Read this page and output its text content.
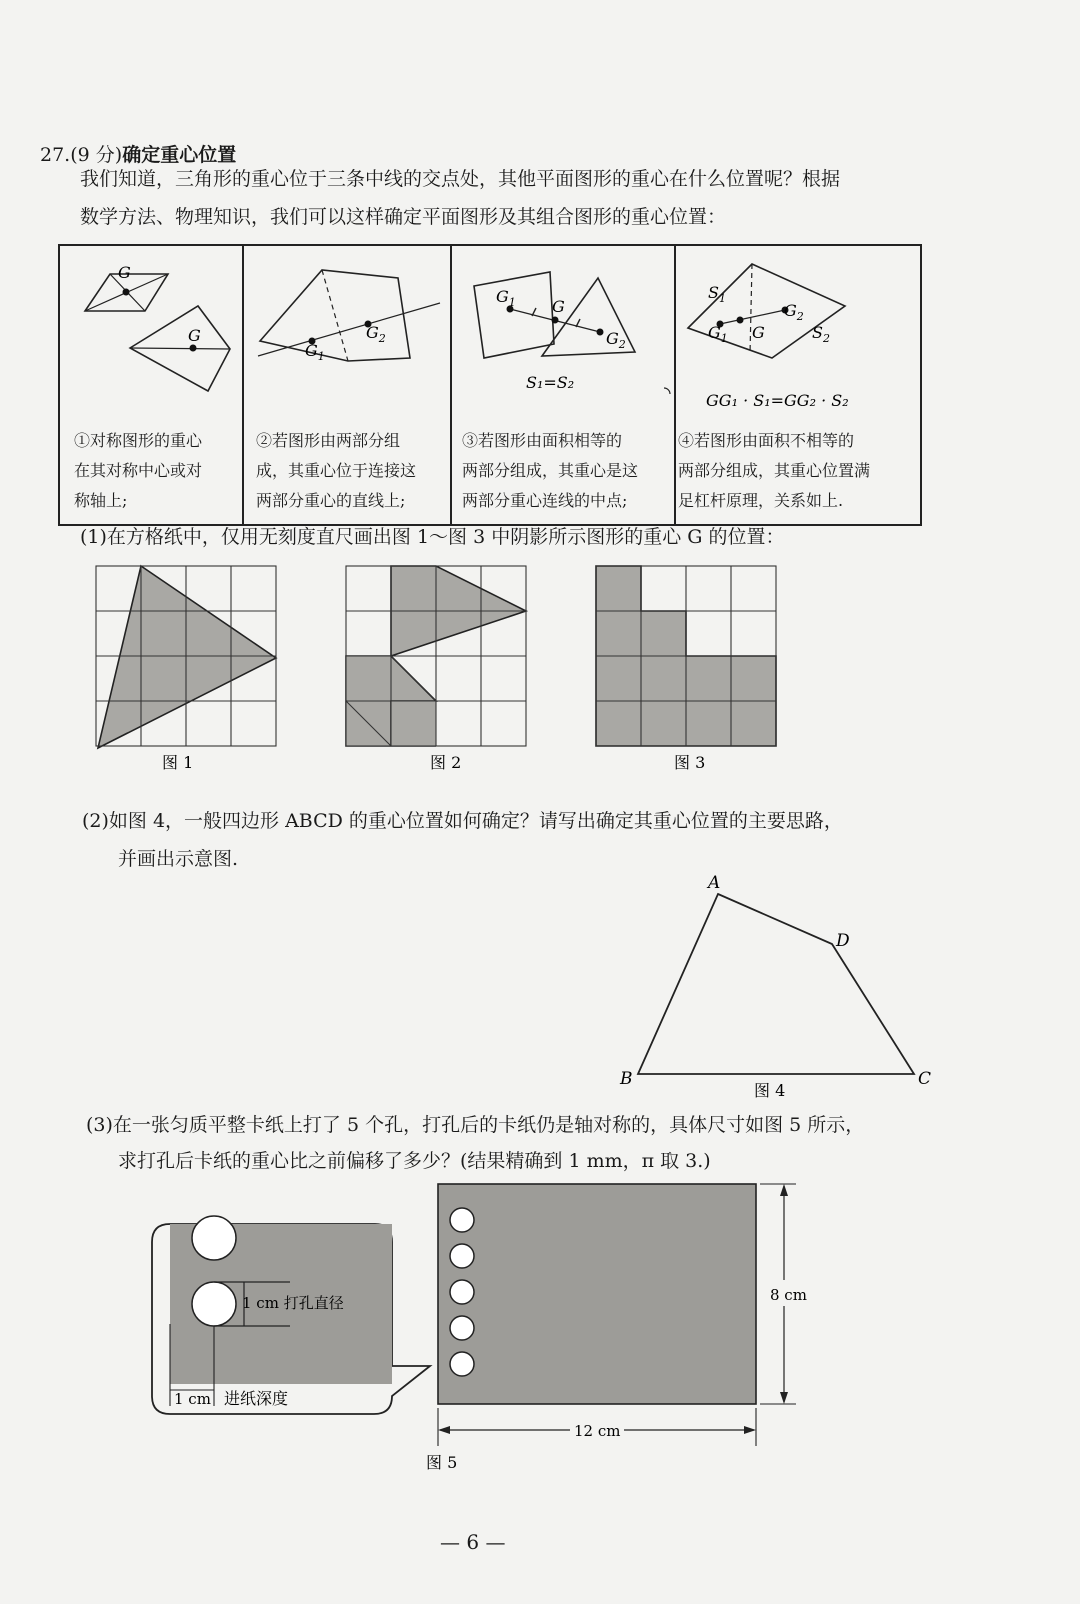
27.(9 分)确定重心位置
我们知道，三角形的重心位于三条中线的交点处，其他平面图形的重心在什么位置呢？根据
数学方法、物理知识，我们可以这样确定平面图形及其组合图形的重心位置：
G
G
$G_1$
$G_2$
$G_1$ G
$G_2$
S₁=S₂
$S_1$
$G_1$ G
$G_2$
$S_2$
GG₁ · S₁=GG₂ · S₂
①对称图形的重心
在其对称中心或对
称轴上;
②若图形由两部分组
成，其重心位于连接这
两部分重心的直线上;
③若图形由面积相等的
两部分组成，其重心是这
两部分重心连线的中点;
④若图形由面积不相等的
两部分组成，其重心位置满
足杠杆原理，关系如上.
(1)在方格纸中，仅用无刻度直尺画出图 1～图 3 中阴影所示图形的重心 G 的位置：
图 1	图 2	图 3
(2)如图 4，一般四边形 ABCD 的重心位置如何确定？请写出确定其重心位置的主要思路，
并画出示意图.
A
D
C
B
图 4
(3)在一张匀质平整卡纸上打了 5 个孔，打孔后的卡纸仍是轴对称的，具体尺寸如图 5 所示，
求打孔后卡纸的重心比之前偏移了多少？(结果精确到 1 mm，π 取 3.)
1 cm 打孔直径
1 cm 进纸深度
8 cm
12 cm
图 5
— 6 —
